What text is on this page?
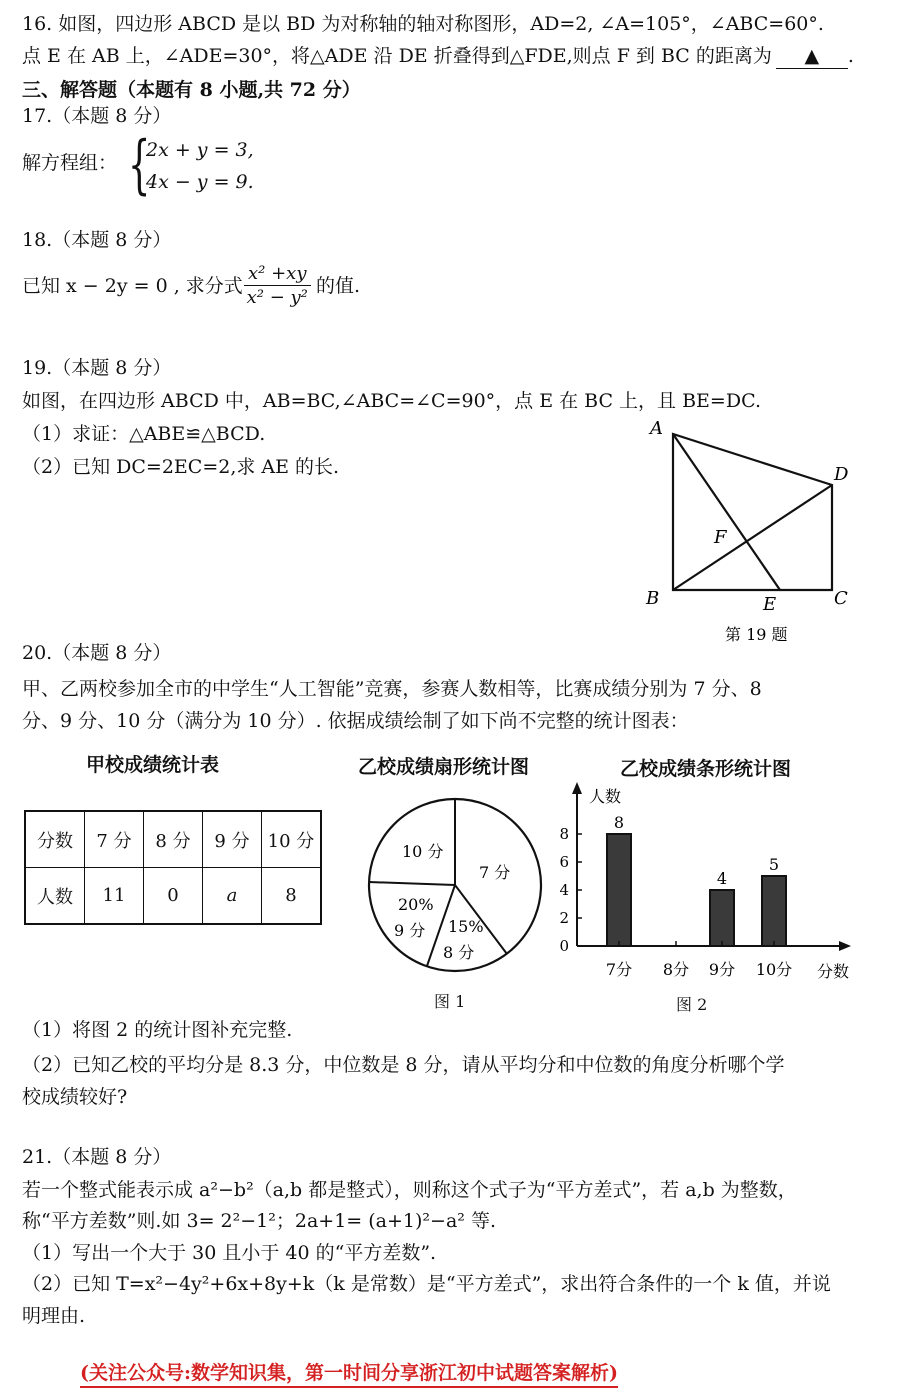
16. 如图，四边形 ABCD 是以 BD 为对称轴的轴对称图形，AD=2, ∠A=105°，∠ABC=60°.
点 E 在 AB 上，∠ADE=30°，将△ADE 沿 DE 折叠得到△FDE,则点 F 到 BC 的距离为 ▲ .
三、解答题（本题有 8 小题,共 72 分）
17.（本题 8 分）
解方程组： {
2x + y = 3,
4x − y = 9.
18.（本题 8 分）
已知 x − 2y = 0 , 求分式 $\frac{\text{x² +xy}}{\text{x² − y²}}$ 的值.
19.（本题 8 分）
如图，在四边形 ABCD 中，AB=BC,∠ABC=∠C=90°，点 E 在 BC 上，且 BE=DC.
（1）求证：△ABE≌△BCD.
（2）已知 DC=2EC=2,求 AE 的长.
A
B	C
D
E
F
第 19 题
20.（本题 8 分）
甲、乙两校参加全市的中学生“人工智能”竞赛，参赛人数相等，比赛成绩分别为 7 分、8
分、9 分、10 分（满分为 10 分）. 依据成绩绘制了如下尚不完整的统计图表：
甲校成绩统计表
分数	7 分	8 分	9 分	10 分
人数	11	0	a	8
乙校成绩扇形统计图
10 分
7 分
15%
8 分
20%
9 分
图 1
乙校成绩条形统计图
人数
分数
0
2
4
6
8
8
4
5
7分 8分 9分 10分
图 2
（1）将图 2 的统计图补充完整.
（2）已知乙校的平均分是 8.3 分，中位数是 8 分，请从平均分和中位数的角度分析哪个学
校成绩较好?
21.（本题 8 分）
若一个整式能表示成 a²−b²（a,b 都是整式），则称这个式子为“平方差式”，若 a,b 为整数，
称“平方差数”则.如 3= 2²−1²；2a+1= (a+1)²−a² 等.
（1）写出一个大于 30 且小于 40 的“平方差数”.
（2）已知 T=x²−4y²+6x+8y+k（k 是常数）是“平方差式”，求出符合条件的一个 k 值，并说
明理由.
(关注公众号:数学知识集，第一时间分享浙江初中试题答案解析)
